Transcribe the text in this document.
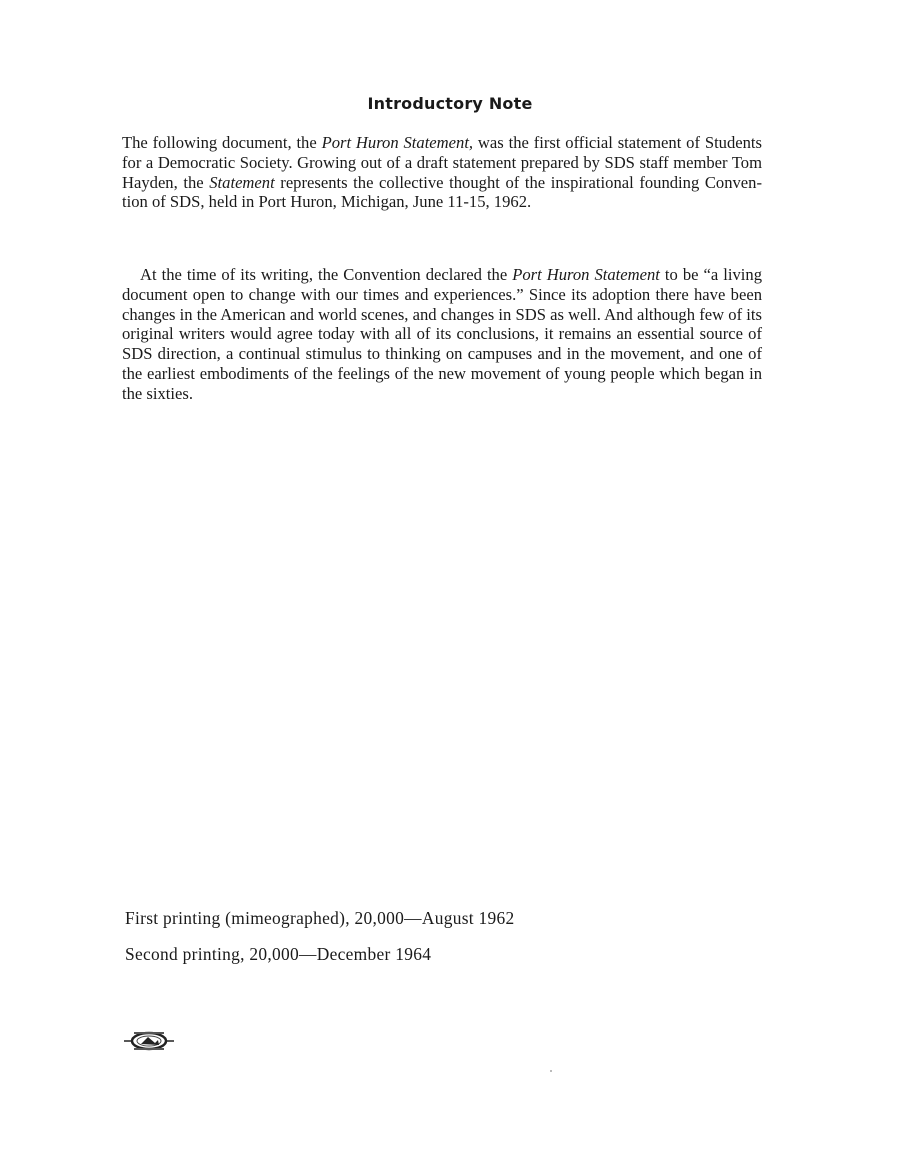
Introductory Note

The following document, the Port Huron Statement, was the first official statement of Students for a Democratic Society. Growing out of a draft statement prepared by SDS staff member Tom Hayden, the Statement represents the collective thought of the inspirational founding Convention of SDS, held in Port Huron, Michigan, June 11-15, 1962.

At the time of its writing, the Convention declared the Port Huron Statement to be “a living document open to change with our times and experiences.” Since its adoption there have been changes in the American and world scenes, and changes in SDS as well. And although few of its original writers would agree today with all of its conclusions, it remains an essential source of SDS direction, a continual stimulus to thinking on campuses and in the movement, and one of the earliest embodiments of the feelings of the new movement of young people which began in the sixties.

First printing (mimeographed), 20,000—August 1962

Second printing, 20,000—December 1964
